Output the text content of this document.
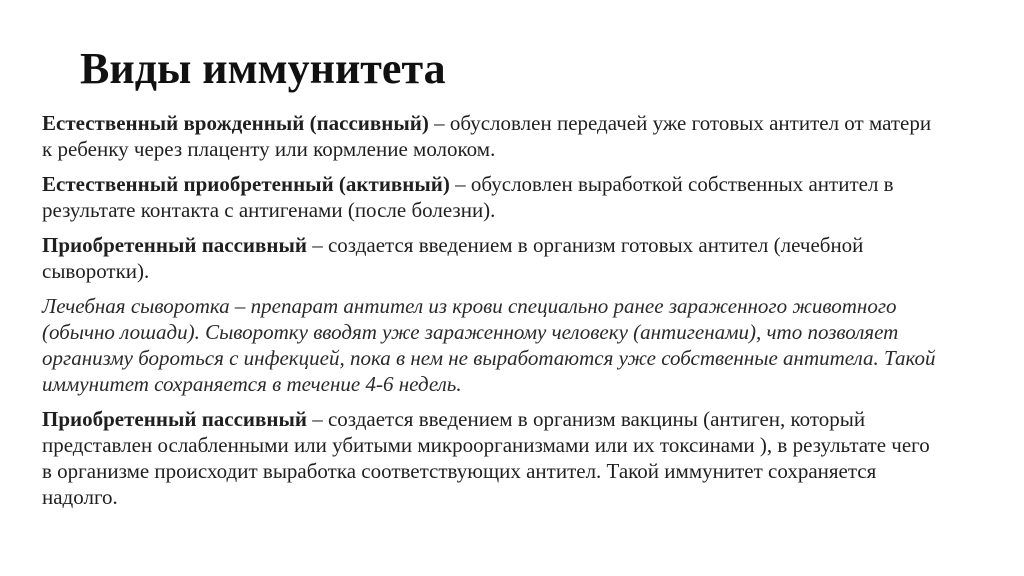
Виды иммунитета

Естественный врожденный (пассивный) – обусловлен передачей уже готовых антител от матери к ребенку через плаценту или кормление молоком.

Естественный приобретенный (активный) – обусловлен выработкой собственных антител в результате контакта с антигенами (после болезни).

Приобретенный пассивный – создается введением в организм готовых антител (лечебной сыворотки).

Лечебная сыворотка – препарат антител из крови специально ранее зараженного животного (обычно лошади). Сыворотку вводят уже зараженному человеку (антигенами), что позволяет организму бороться с инфекцией, пока в нем не выработаются уже собственные антитела. Такой иммунитет сохраняется в течение 4-6 недель.

Приобретенный пассивный – создается введением в организм вакцины (антиген, который представлен ослабленными или убитыми микроорганизмами или их токсинами ), в результате чего в организме происходит выработка соответствующих антител. Такой иммунитет сохраняется надолго.
